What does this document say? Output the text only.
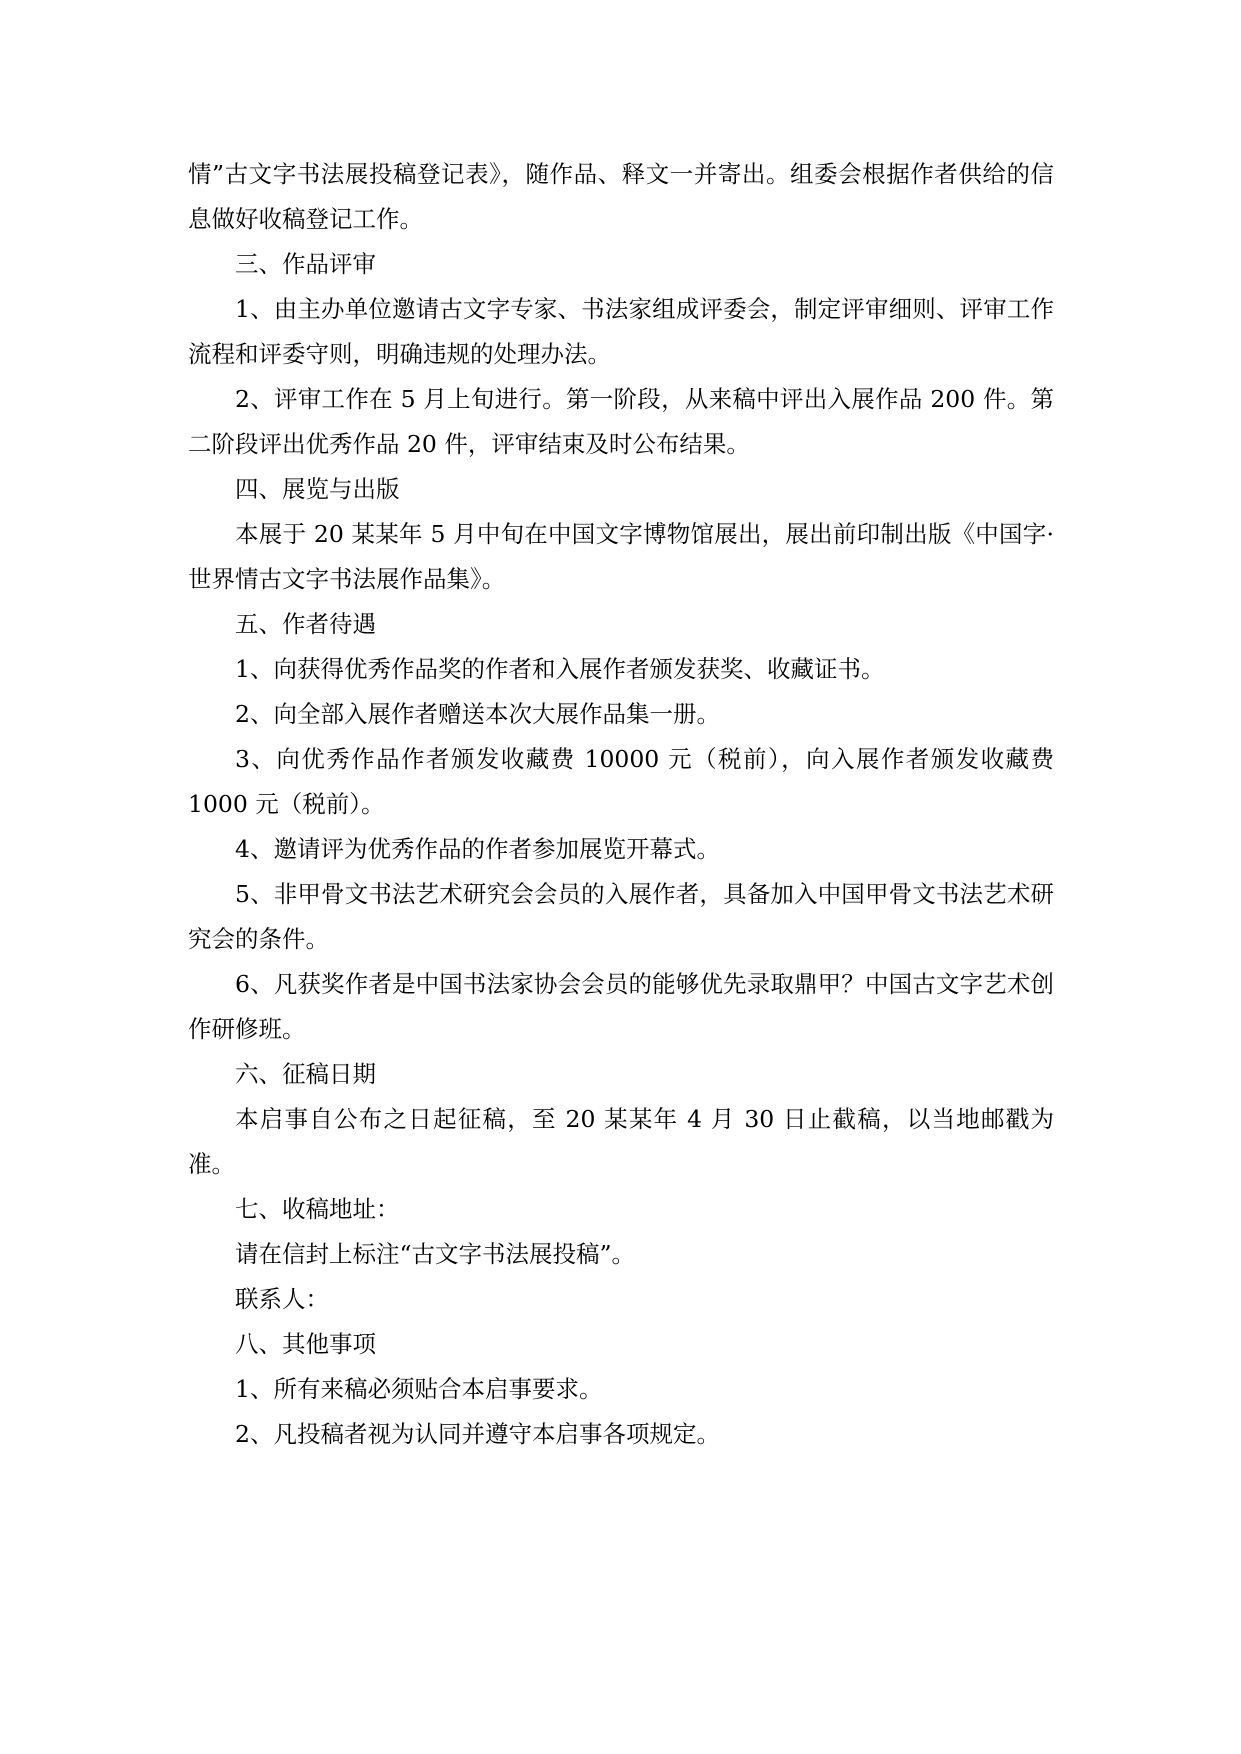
情”古文字书法展投稿登记表》，随作品、释文一并寄出。组委会根据作者供给的信息做好收稿登记工作。

三、作品评审

1、由主办单位邀请古文字专家、书法家组成评委会，制定评审细则、评审工作流程和评委守则，明确违规的处理办法。

2、评审工作在 5 月上旬进行。第一阶段，从来稿中评出入展作品 200 件。第二阶段评出优秀作品 20 件，评审结束及时公布结果。

四、展览与出版

本展于 20 某某年 5 月中旬在中国文字博物馆展出，展出前印制出版《中国字·世界情古文字书法展作品集》。

五、作者待遇

1、向获得优秀作品奖的作者和入展作者颁发获奖、收藏证书。

2、向全部入展作者赠送本次大展作品集一册。

3、向优秀作品作者颁发收藏费 10000 元（税前），向入展作者颁发收藏费 1000 元（税前）。

4、邀请评为优秀作品的作者参加展览开幕式。

5、非甲骨文书法艺术研究会会员的入展作者，具备加入中国甲骨文书法艺术研究会的条件。

6、凡获奖作者是中国书法家协会会员的能够优先录取鼎甲？中国古文字艺术创作研修班。

六、征稿日期

本启事自公布之日起征稿，至 20 某某年 4 月 30 日止截稿，以当地邮戳为准。

七、收稿地址：

请在信封上标注“古文字书法展投稿”。

联系人：

八、其他事项

1、所有来稿必须贴合本启事要求。

2、凡投稿者视为认同并遵守本启事各项规定。
